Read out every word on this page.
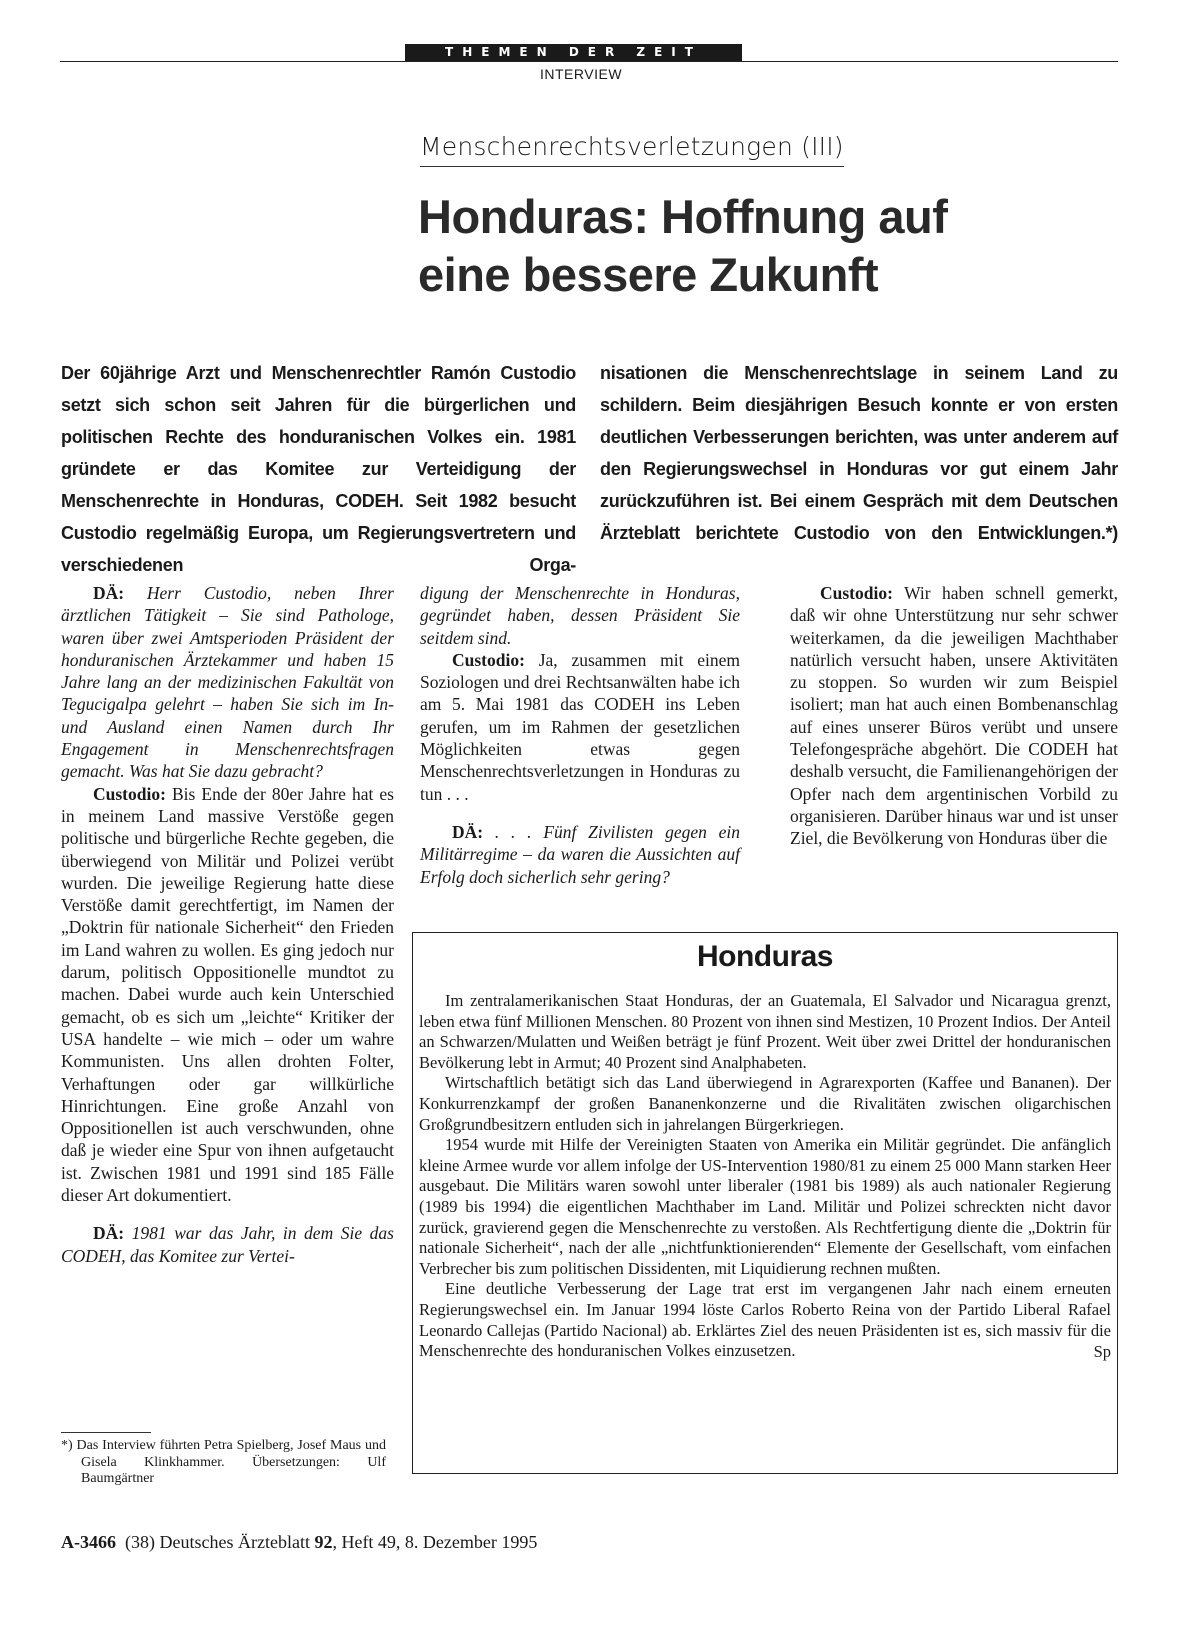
THEMEN DER ZEIT
INTERVIEW
Menschenrechtsverletzungen (III)
Honduras: Hoffnung auf
eine bessere Zukunft
Der 60jährige Arzt und Menschenrechtler Ramón Custodio setzt sich schon seit Jahren für die bürgerlichen und politischen Rechte des honduranischen Volkes ein. 1981 gründete er das Komitee zur Verteidigung der Menschenrechte in Honduras, CODEH. Seit 1982 besucht Custodio regelmäßig Europa, um Regierungsvertretern und verschiedenen Orga-
nisationen die Menschenrechtslage in seinem Land zu schildern. Beim diesjährigen Besuch konnte er von ersten deutlichen Verbesserungen berichten, was unter anderem auf den Regierungswechsel in Honduras vor gut einem Jahr zurückzuführen ist. Bei einem Gespräch mit dem Deutschen Ärzteblatt berichtete Custodio von den Entwicklungen.*)

DÄ: Herr Custodio, neben Ihrer ärztlichen Tätigkeit – Sie sind Pathologe, waren über zwei Amtsperioden Präsident der honduranischen Ärztekammer und haben 15 Jahre lang an der medizinischen Fakultät von Tegucigalpa gelehrt – haben Sie sich im In- und Ausland einen Namen durch Ihr Engagement in Menschenrechtsfragen gemacht. Was hat Sie dazu gebracht?

Custodio: Bis Ende der 80er Jahre hat es in meinem Land massive Verstöße gegen politische und bürgerliche Rechte gegeben, die überwiegend von Militär und Polizei verübt wurden. Die jeweilige Regierung hatte diese Verstöße damit gerechtfertigt, im Namen der „Doktrin für nationale Sicherheit“ den Frieden im Land wahren zu wollen. Es ging jedoch nur darum, politisch Oppositionelle mundtot zu machen. Dabei wurde auch kein Unterschied gemacht, ob es sich um „leichte“ Kritiker der USA handelte – wie mich – oder um wahre Kommunisten. Uns allen drohten Folter, Verhaftungen oder gar willkürliche Hinrichtungen. Eine große Anzahl von Oppositionellen ist auch verschwunden, ohne daß je wieder eine Spur von ihnen aufgetaucht ist. Zwischen 1981 und 1991 sind 185 Fälle dieser Art dokumentiert.

DÄ: 1981 war das Jahr, in dem Sie das CODEH, das Komitee zur Vertei-

digung der Menschenrechte in Honduras, gegründet haben, dessen Präsident Sie seitdem sind.

Custodio: Ja, zusammen mit einem Soziologen und drei Rechtsanwälten habe ich am 5. Mai 1981 das CODEH ins Leben gerufen, um im Rahmen der gesetzlichen Möglichkeiten etwas gegen Menschenrechtsverletzungen in Honduras zu tun . . .

DÄ: . . . Fünf Zivilisten gegen ein Militärregime – da waren die Aussichten auf Erfolg doch sicherlich sehr gering?

Custodio: Wir haben schnell gemerkt, daß wir ohne Unterstützung nur sehr schwer weiterkamen, da die jeweiligen Machthaber natürlich versucht haben, unsere Aktivitäten zu stoppen. So wurden wir zum Beispiel isoliert; man hat auch einen Bombenanschlag auf eines unserer Büros verübt und unsere Telefongespräche abgehört. Die CODEH hat deshalb versucht, die Familienangehörigen der Opfer nach dem argentinischen Vorbild zu organisieren. Darüber hinaus war und ist unser Ziel, die Bevölkerung von Honduras über die

Honduras

Im zentralamerikanischen Staat Honduras, der an Guatemala, El Salvador und Nicaragua grenzt, leben etwa fünf Millionen Menschen. 80 Prozent von ihnen sind Mestizen, 10 Prozent Indios. Der Anteil an Schwarzen/Mulatten und Weißen beträgt je fünf Prozent. Weit über zwei Drittel der honduranischen Bevölkerung lebt in Armut; 40 Prozent sind Analphabeten.

Wirtschaftlich betätigt sich das Land überwiegend in Agrarexporten (Kaffee und Bananen). Der Konkurrenzkampf der großen Bananenkonzerne und die Rivalitäten zwischen oligarchischen Großgrundbesitzern entluden sich in jahrelangen Bürgerkriegen.

1954 wurde mit Hilfe der Vereinigten Staaten von Amerika ein Militär gegründet. Die anfänglich kleine Armee wurde vor allem infolge der US-Intervention 1980/81 zu einem 25 000 Mann starken Heer ausgebaut. Die Militärs waren sowohl unter liberaler (1981 bis 1989) als auch nationaler Regierung (1989 bis 1994) die eigentlichen Machthaber im Land. Militär und Polizei schreckten nicht davor zurück, gravierend gegen die Menschenrechte zu verstoßen. Als Rechtfertigung diente die „Doktrin für nationale Sicherheit“, nach der alle „nichtfunktionierenden“ Elemente der Gesellschaft, vom einfachen Verbrecher bis zum politischen Dissidenten, mit Liquidierung rechnen mußten.

Eine deutliche Verbesserung der Lage trat erst im vergangenen Jahr nach einem erneuten Regierungswechsel ein. Im Januar 1994 löste Carlos Roberto Reina von der Partido Liberal Rafael Leonardo Callejas (Partido Nacional) ab. Erklärtes Ziel des neuen Präsidenten ist es, sich massiv für die Menschenrechte des honduranischen Volkes einzusetzen.	Sp

*) Das Interview führten Petra Spielberg, Josef Maus und Gisela Klinkhammer. Übersetzungen: Ulf Baumgärtner

A-3466 (38) Deutsches Ärzteblatt 92, Heft 49, 8. Dezember 1995
